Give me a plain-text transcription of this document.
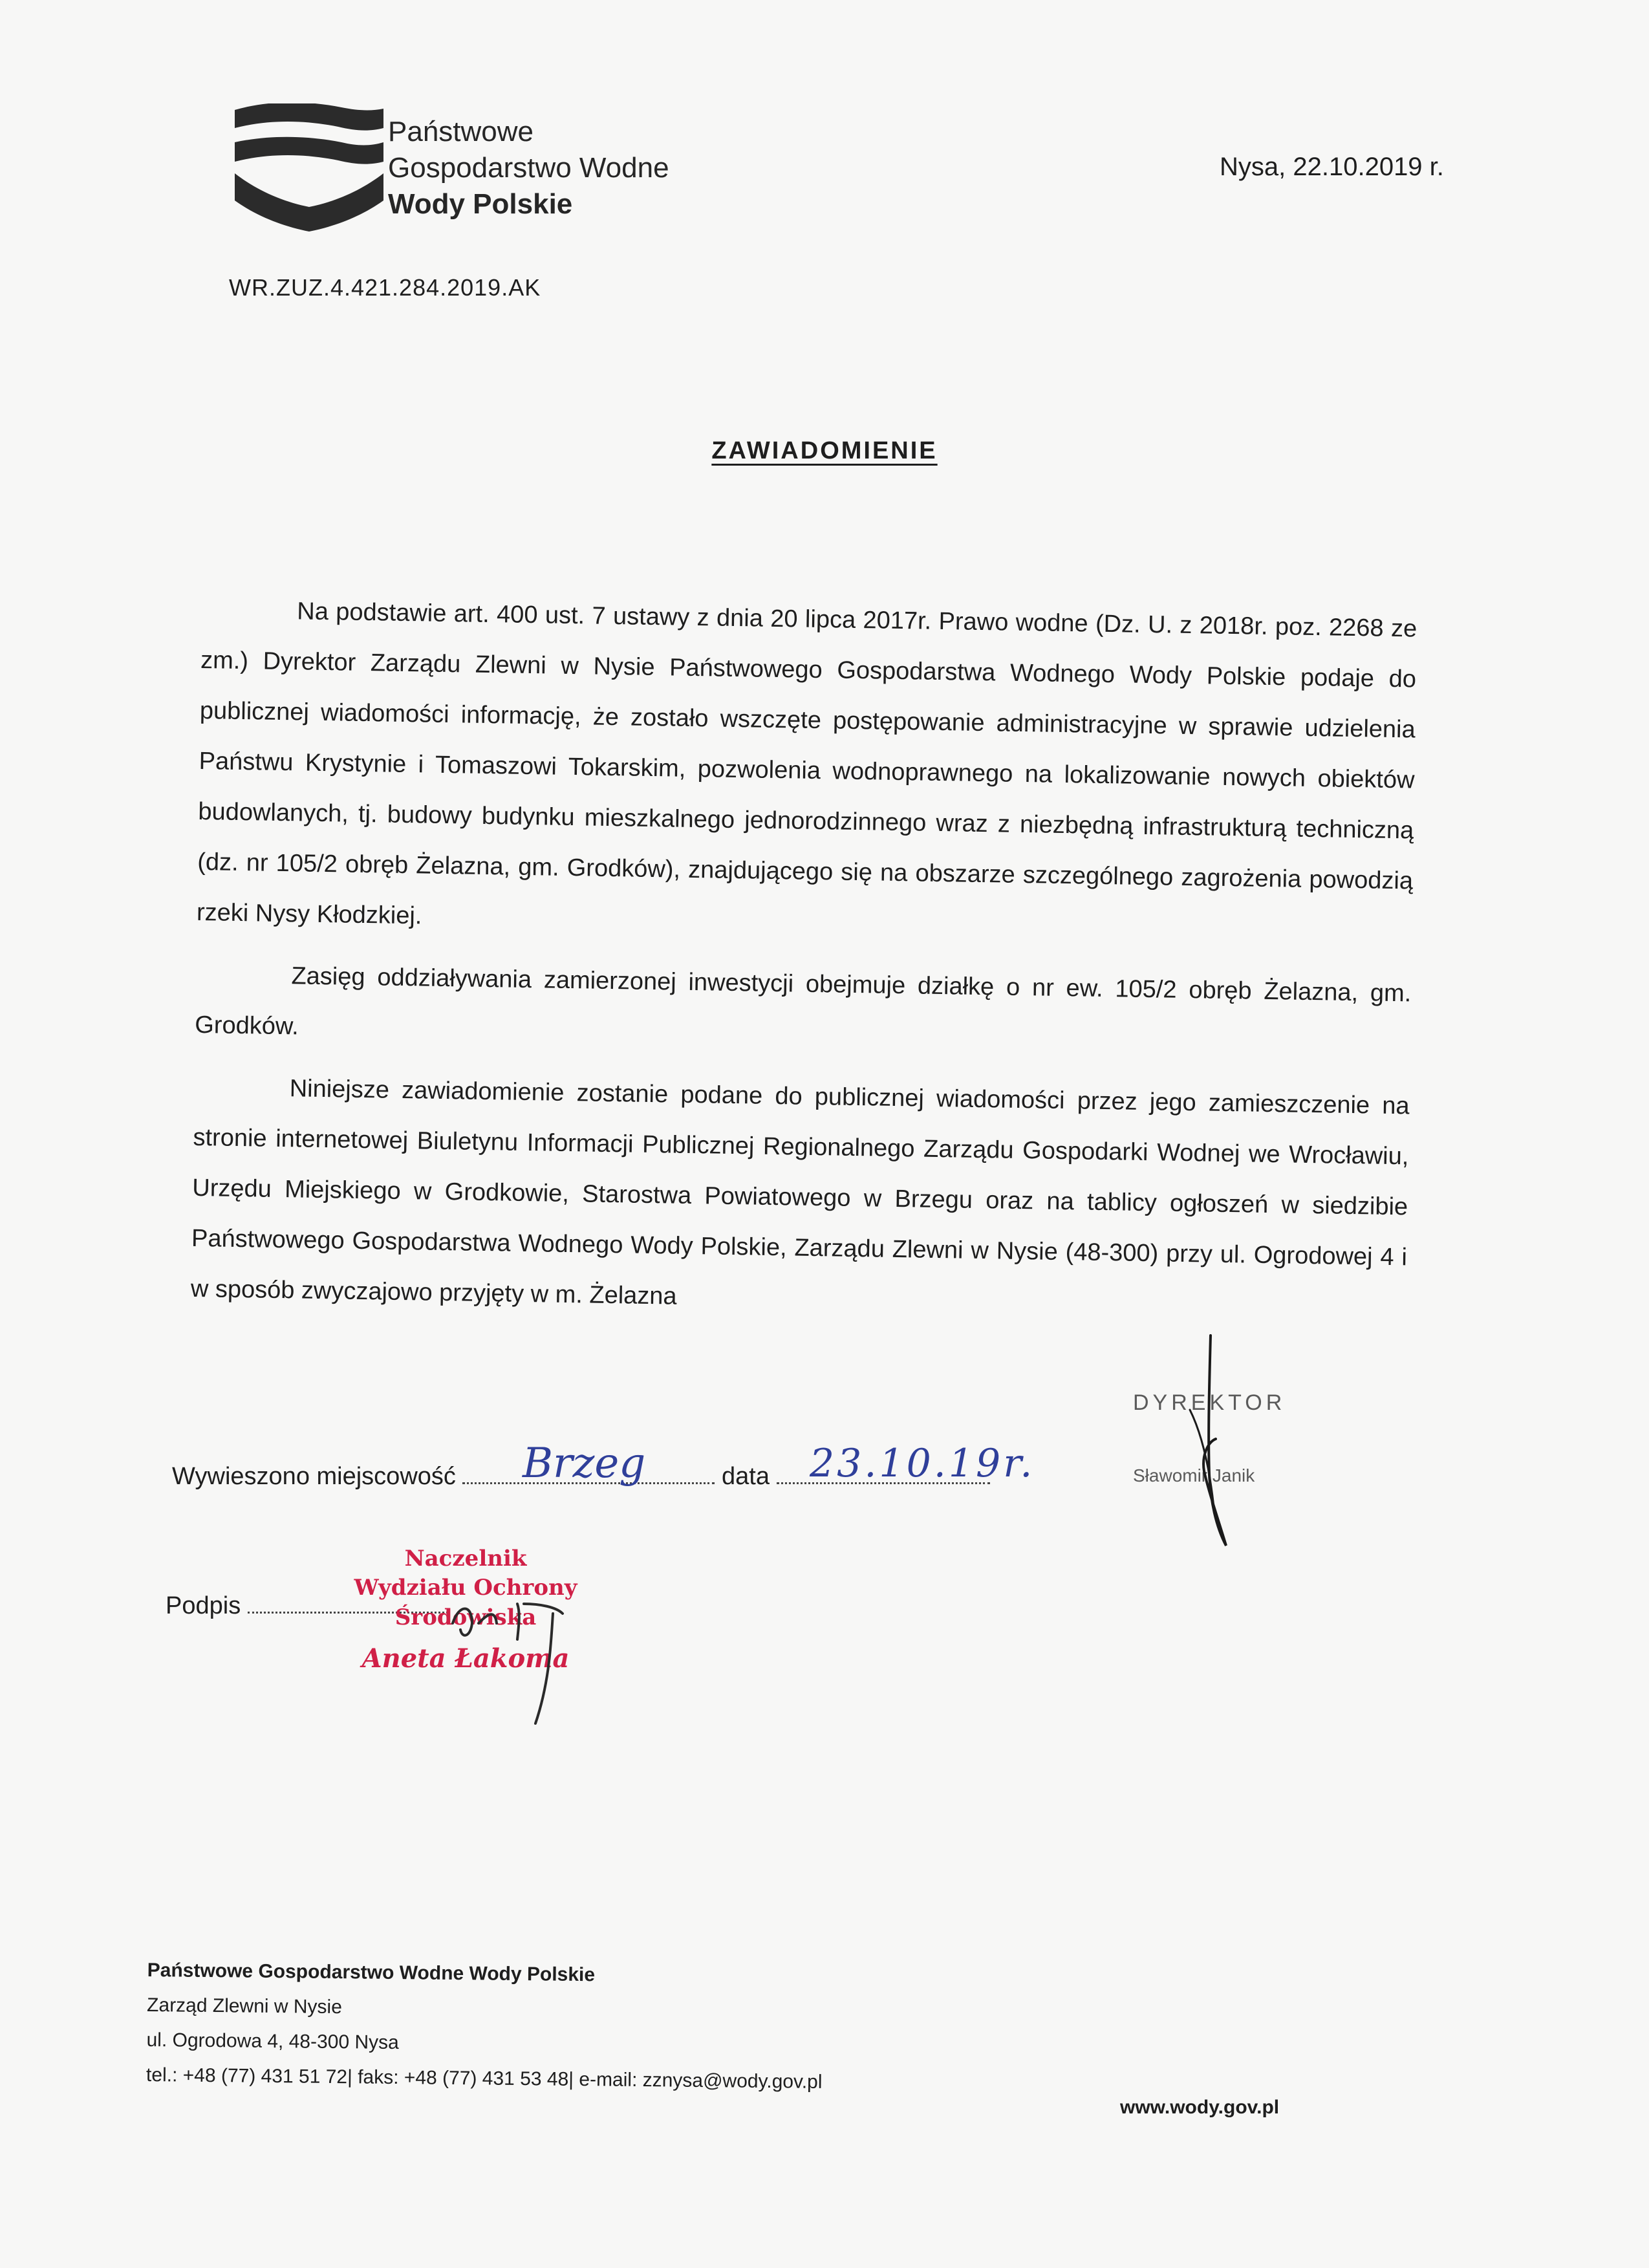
Państwowe
Gospodarstwo Wodne
Wody Polskie
Nysa, 22.10.2019 r.
WR.ZUZ.4.421.284.2019.AK
ZAWIADOMIENIE

Na podstawie art. 400 ust. 7 ustawy z dnia 20 lipca 2017r. Prawo wodne (Dz. U. z 2018r. poz. 2268 ze zm.) Dyrektor Zarządu Zlewni w Nysie Państwowego Gospodarstwa Wodnego Wody Polskie podaje do publicznej wiadomości informację, że zostało wszczęte postępowanie administracyjne w sprawie udzielenia Państwu Krystynie i Tomaszowi Tokarskim, pozwolenia wodnoprawnego na lokalizowanie nowych obiektów budowlanych, tj. budowy budynku mieszkalnego jednorodzinnego wraz z niezbędną infrastrukturą techniczną (dz. nr 105/2 obręb Żelazna, gm. Grodków), znajdującego się na obszarze szczególnego zagrożenia powodzią rzeki Nysy Kłodzkiej.

Zasięg oddziaływania zamierzonej inwestycji obejmuje działkę o nr ew. 105/2 obręb Żelazna, gm. Grodków.

Niniejsze zawiadomienie zostanie podane do publicznej wiadomości przez jego zamieszczenie na stronie internetowej Biuletynu Informacji Publicznej Regionalnego Zarządu Gospodarki Wodnej we Wrocławiu, Urzędu Miejskiego w Grodkowie, Starostwa Powiatowego w Brzegu oraz na tablicy ogłoszeń w siedzibie Państwowego Gospodarstwa Wodnego Wody Polskie, Zarządu Zlewni w Nysie (48-300) przy ul. Ogrodowej 4 i w sposób zwyczajowo przyjęty w m. Żelazna

DYREKTOR
Sławomir Janik
Wywieszono miejscowość	data
Brzeg	23.10.19r.
Podpis
Naczelnik
Wydziału Ochrony Środowiska
Aneta Łakoma
Państwowe Gospodarstwo Wodne Wody Polskie
Zarząd Zlewni w Nysie
ul. Ogrodowa 4, 48-300 Nysa
tel.: +48 (77) 431 51 72| faks: +48 (77) 431 53 48| e-mail: zznysa@wody.gov.pl
www.wody.gov.pl
